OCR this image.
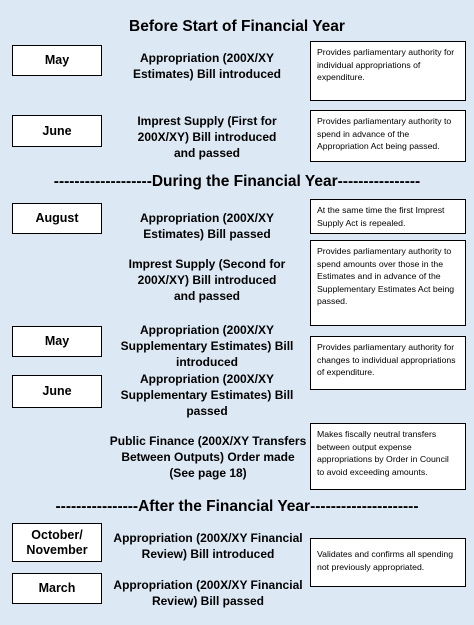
Before Start of Financial Year
-------------------During the Financial Year----------------
----------------After the Financial Year---------------------
May
June
August
May
June
October/
November
March
Appropriation (200X/XY
Estimates) Bill introduced
Imprest Supply (First for
200X/XY) Bill introduced
and passed
Appropriation (200X/XY
Estimates) Bill passed
Imprest Supply (Second for
200X/XY) Bill introduced
and passed
Appropriation (200X/XY
Supplementary Estimates) Bill
introduced
Appropriation (200X/XY
Supplementary Estimates) Bill
passed
Public Finance (200X/XY Transfers
Between Outputs) Order made
(See page 18)
Appropriation (200X/XY Financial
Review) Bill introduced
Appropriation (200X/XY Financial
Review) Bill passed
Provides parliamentary authority for
individual appropriations of
expenditure.
Provides parliamentary authority to
spend in advance of the
Appropriation Act being passed.
At the same time the first Imprest
Supply Act is repealed.
Provides parliamentary authority to
spend amounts over those in the
Estimates and in advance of the
Supplementary Estimates Act being
passed.
Provides parliamentary authority for
changes to individual appropriations
of expenditure.
Makes fiscally neutral transfers
between output expense
appropriations by Order in Council
to avoid exceeding amounts.
Validates and confirms all spending
not previously appropriated.
